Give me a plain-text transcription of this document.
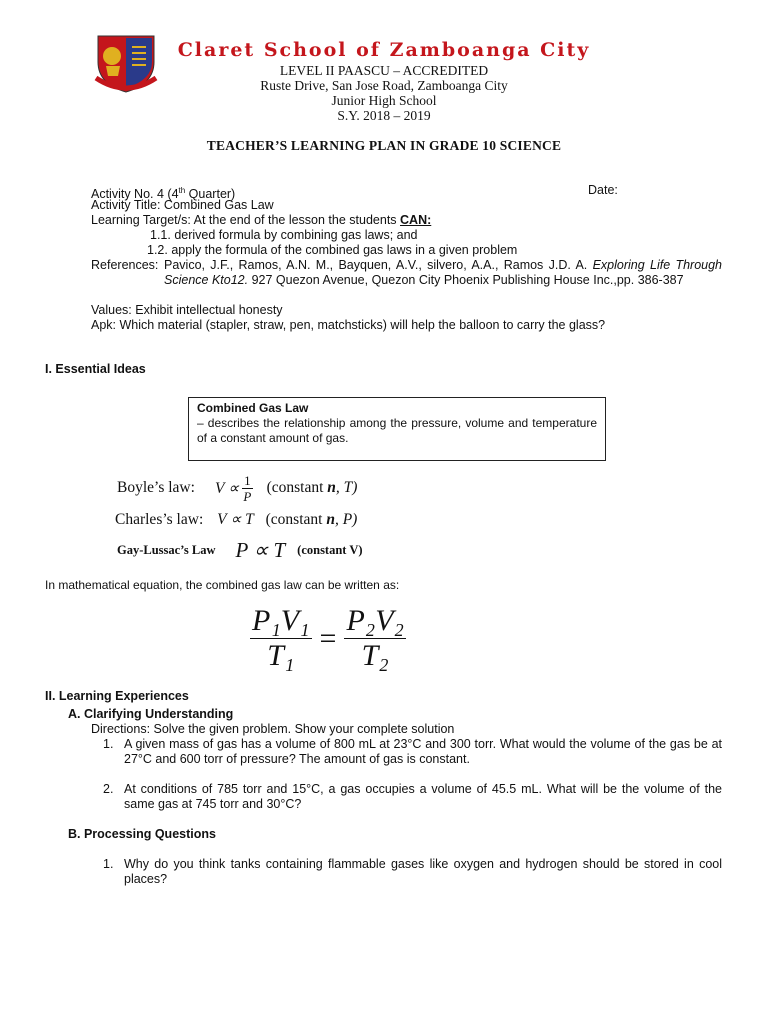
Claret School of Zamboanga City
LEVEL II PAASCU – ACCREDITED
Ruste Drive, San Jose Road, Zamboanga City
Junior High School
S.Y. 2018 – 2019
TEACHER’S LEARNING PLAN IN GRADE 10 SCIENCE
Activity No. 4 (4th Quarter)	Date:
Activity Title: Combined Gas Law
Learning Target/s: At the end of the lesson the students CAN:
1.1. derived formula by combining gas laws; and
1.2. apply the formula of the combined gas laws in a given problem
References: Pavico, J.F., Ramos, A.N. M., Bayquen, A.V., silvero, A.A., Ramos J.D. A. Exploring Life Through Science Kto12. 927 Quezon Avenue, Quezon City Phoenix Publishing House Inc.,pp. 386-387
Values: Exhibit intellectual honesty
Apk: Which material (stapler, straw, pen, matchsticks) will help the balloon to carry the glass?
I. Essential Ideas
Combined Gas Law
– describes the relationship among the pressure, volume and temperature of a constant amount of gas.
Boyle’s law: $V \propto \frac{1}{P}$ (constant n, T)
Charles’s law: V ∝ T (constant n, P)
Gay-Lussac’s Law P ∝ T (constant V)
In mathematical equation, the combined gas law can be written as:
$\frac{\text{P₁V₁}}{\text{T₁}} = \frac{\text{P₂V₂}}{\text{T₂}}$
II. Learning Experiences
A. Clarifying Understanding
Directions: Solve the given problem. Show your complete solution
1. A given mass of gas has a volume of 800 mL at 23°C and 300 torr. What would the volume of the gas be at 27°C and 600 torr of pressure? The amount of gas is constant.
2. At conditions of 785 torr and 15°C, a gas occupies a volume of 45.5 mL. What will be the volume of the same gas at 745 torr and 30°C?
B. Processing Questions
1. Why do you think tanks containing flammable gases like oxygen and hydrogen should be stored in cool places?
